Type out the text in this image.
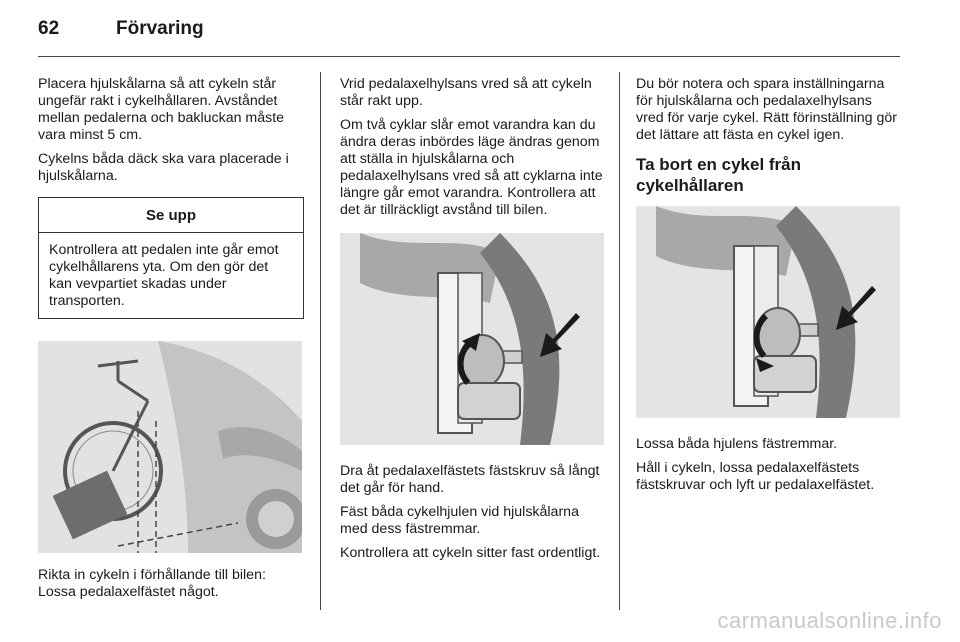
62	Förvaring

Placera hjulskålarna så att cykeln står ungefär rakt i cykelhållaren. Avståndet mellan pedalerna och bakluckan måste vara minst 5 cm.

Cykelns båda däck ska vara placerade i hjulskålarna.

Se upp
Kontrollera att pedalen inte går emot cykelhållarens yta. Om den gör det kan vevpartiet skadas under transporten.

Rikta in cykeln i förhållande till bilen: Lossa pedalaxelfästet något.

Vrid pedalaxelhylsans vred så att cykeln står rakt upp.

Om två cyklar slår emot varandra kan du ändra deras inbördes läge ändras genom att ställa in hjulskålarna och pedalaxelhylsans vred så att cyklarna inte längre går emot varandra. Kontrollera att det är tillräckligt avstånd till bilen.

Dra åt pedalaxelfästets fästskruv så långt det går för hand.

Fäst båda cykelhjulen vid hjulskålarna med dess fästremmar.

Kontrollera att cykeln sitter fast ordentligt.

Du bör notera och spara inställningarna för hjulskålarna och pedalaxelhylsans vred för varje cykel. Rätt förinställning gör det lättare att fästa en cykel igen.

Ta bort en cykel från cykelhållaren

Lossa båda hjulens fästremmar.

Håll i cykeln, lossa pedalaxelfästets fästskruvar och lyft ur pedalaxelfästet.

carmanualsonline.info
